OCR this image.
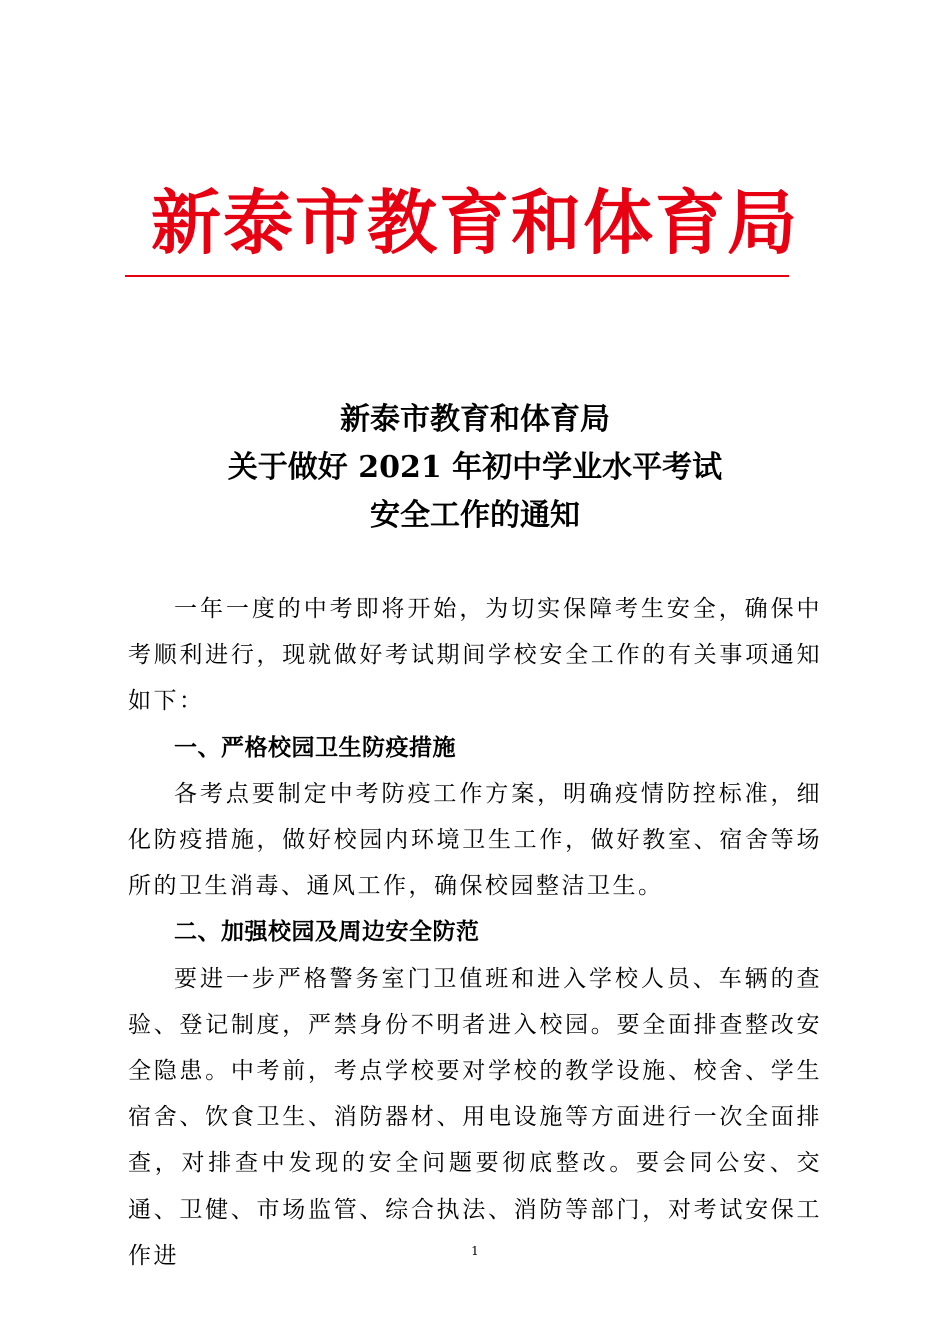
新泰市教育和体育局
新泰市教育和体育局
关于做好 2021 年初中学业水平考试
安全工作的通知

一年一度的中考即将开始，为切实保障考生安全，确保中考顺利进行，现就做好考试期间学校安全工作的有关事项通知如下：

一、严格校园卫生防疫措施

各考点要制定中考防疫工作方案，明确疫情防控标准，细化防疫措施，做好校园内环境卫生工作，做好教室、宿舍等场所的卫生消毒、通风工作，确保校园整洁卫生。

二、加强校园及周边安全防范

要进一步严格警务室门卫值班和进入学校人员、车辆的查验、登记制度，严禁身份不明者进入校园。要全面排查整改安全隐患。中考前，考点学校要对学校的教学设施、校舍、学生宿舍、饮食卫生、消防器材、用电设施等方面进行一次全面排查，对排查中发现的安全问题要彻底整改。要会同公安、交通、卫健、市场监管、综合执法、消防等部门，对考试安保工作进	1
